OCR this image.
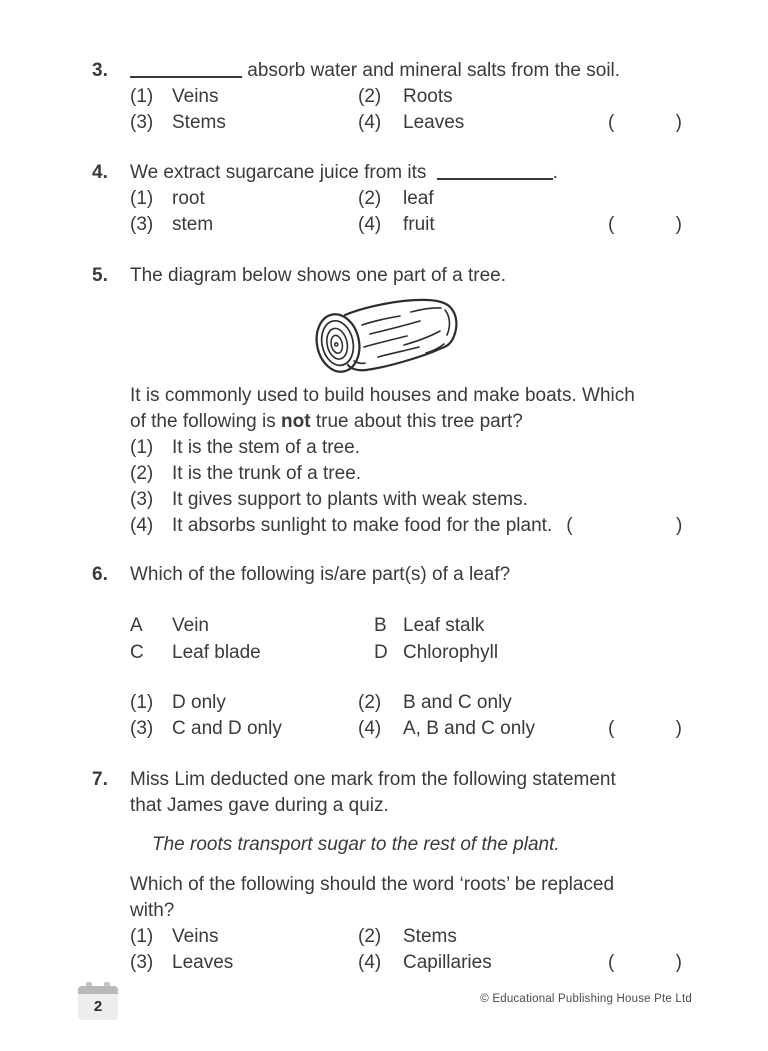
3.	absorb water and mineral salts from the soil.
(1) Veins	(2)	Roots
(3) Stems	(4)	Leaves	(	)
4.	We extract sugarcane juice from its	.
(1) root	(2)	leaf
(3) stem	(4)	fruit	(	)
5.	The diagram below shows one part of a tree.
It is commonly used to build houses and make boats. Which
of the following is not true about this tree part?
(1) It is the stem of a tree.
(2) It is the trunk of a tree.
(3) It gives support to plants with weak stems.
(4) It absorbs sunlight to make food for the plant. (	)
6.	Which of the following is/are part(s) of a leaf?
A	Vein	B Leaf stalk
C	Leaf blade	D Chlorophyll
(1) D only	(2)	B and C only
(3) C and D only	(4)	A, B and C only	(	)
7.	Miss Lim deducted one mark from the following statement
that James gave during a quiz.
The roots transport sugar to the rest of the plant.
Which of the following should the word ‘roots’ be replaced
with?
(1) Veins	(2)	Stems
(3) Leaves	(4)	Capillaries	(	)
2	© Educational Publishing House Pte Ltd
